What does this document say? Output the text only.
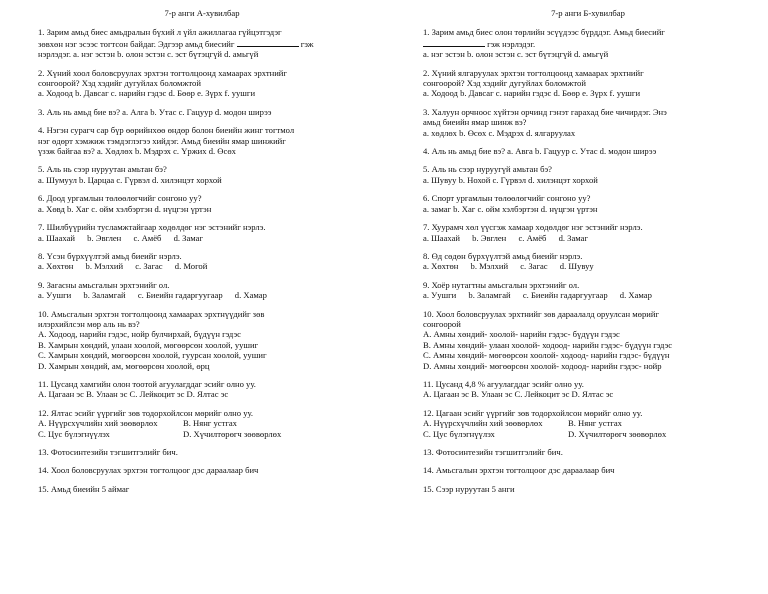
7-р анги А-хувилбар
1. Зарим амьд биес амьдралын бүхий л үйл ажиллагаа гүйцэтгэдэг
зөвхөн нэг эсээс тогтсон байдаг. Эдгээр амьд биесийг	гэж
нэрлэдэг. а. нэг эстэн b. олон эстэн c. эст бүтэцгүй d. амьгүй
2. Хүний хоол боловсруулах эрхтэн тогтолцоонд хамаарах эрхтнийг
сонгоорой? Хэд хэдийг дугуйлах боломжтой
а. Ходоод b. Давсаг c. нарийн гэдэс d. Бөөр e. Зүрх f. уушги
3. Аль нь амьд бие вэ? a. Алга b. Утас c. Гацуур d. модон ширээ
4. Нэгэн сурагч сар бүр өөрийнхөө өндөр болон биеийн жинг тогтмол
нэг өдөрт хэмжиж тэмдэглэгээ хийдэг. Амьд биеийн ямар шинжийг
үзэж байгаа вэ? а. Хөдлөх b. Мэдрэх c. Үржих d. Өсөх
5. Аль нь сээр нуруутан амьтан бэ?
а. Шумуул b. Царцаа c. Гүрвэл d. хилэнцэт хорхой
6. Доод ургамлын төлөөлөгчийг сонгоно уу?
а. Хөвд b. Хаг c. ойм хэлбэртэн d. нүцгэн үртэн
7. Шилбүүрийн тусламжтайгаар хөдөлдөг нэг эстэнийг нэрлэ.
а. Шаахай b. Эвглен c. Амёб d. Замаг
8. Үсэн бүрхүүлтэй амьд биеийг нэрлэ.
а. Хөхтөн b. Мэлхий c. Загас d. Могой
9. Загасны амьсгалын эрхтэнийг ол.
а. Уушги b. Заламгай c. Биеийн гадаргуугаар d. Хамар
10. Амьсгалын эрхтэн тогтолцоонд хамаарах эрхтнүүдийг зөв
илэрхийлсэн мөр аль нь вэ?
А. Ходоод, нарийн гэдэс, нойр булчирхай, бүдүүн гэдэс
В. Хамрын хөндий, улаан хоолой, мөгөөрсөн хоолой, уушиг
С. Хамрын хөндий, мөгөөрсөн хоолой, гуурсан хоолой, уушиг
D. Хамрын хөндий, ам, мөгөөрсөн хоолой, өрц
11. Цусанд хамгийн олон тоотой агуулагддаг эсийг олно уу.
А. Цагаан эс В. Улаан эс С. Лейкоцит эс D. Ялтас эс
12. Ялтас эсийг үүргийг зөв тодорхойлсон мөрийг олно уу.
А. Нүүрсхүчлийн хий зөөвөрлөх	В. Нянг устгах
С. Цус бүлэгнүүлэх	D. Хүчилтөрөгч зөөвөрлөх
13. Фотосинтезийн тэгшитгэлийг бич.
14. Хоол боловсруулах эрхтэн тогтолцоог дэс дараалаар бич
15. Амьд биеийн 5 аймаг
7-р анги Б-хувилбар
1. Зарим амьд биес олон төрлийн эсүүдээс бүрддэг. Амьд биесийг
гэж нэрлэдэг.
а. нэг эстэн b. олон эстэн c. эст бүтэцгүй d. амьгүй
2. Хүний ялгаруулах эрхтэн тогтолцоонд хамаарах эрхтнийг
сонгоорой? Хэд хэдийг дугуйлах боломжтой
а. Ходоод b. Давсаг c. нарийн гэдэс d. Бөөр e. Зүрх f. уушги
3. Халуун орчноос хүйтэн орчинд гэнэт гарахад бие чичирдэг. Энэ
амьд биеийн ямар шинж вэ?
а. хөдлөх b. Өсөх c. Мэдрэх d. ялгаруулах
4. Аль нь амьд бие вэ? a. Авга b. Гацуур c. Утас d. модон ширээ
5. Аль нь сээр нуруугүй амьтан бэ?
а. Шувуу b. Нохой c. Гүрвэл d. хилэнцэт хорхой
6. Спорт ургамлын төлөөлөгчийг сонгоно уу?
а. замаг b. Хаг c. ойм хэлбэртэн d. нүцгэн үртэн
7. Хуурамч хөл үүсгэж хамаар хөдөлдөг нэг эстэнийг нэрлэ.
а. Шаахай b. Эвглен c. Амёб d. Замаг
8. Өд сөдөн бүрхүүлтэй амьд биеийг нэрлэ.
а. Хөхтөн b. Мэлхий c. Загас d. Шувуу
9. Хоёр нутагтны амьсгалын эрхтэнийг ол.
а. Уушги b. Заламгай c. Биеийн гадаргуугаар d. Хамар
10. Хоол боловсруулах эрхтнийг зөв дараалалд оруулсан мөрийг
сонгоорой
А. Амны хөндий- хоолой- нарийн гэдэс- бүдүүн гэдэс
В. Амны хөндий- улаан хоолой- ходоод- нарийн гэдэс- бүдүүн гэдэс
С. Амны хөндий- мөгөөрсөн хоолой- ходоод- нарийн гэдэс- бүдүүн
D. Амны хөндий- мөгөөрсөн хоолой- ходоод- нарийн гэдэс- нойр
11. Цусанд 4,8 % агуулагддаг эсийг олно уу.
А. Цагаан эс В. Улаан эс С. Лейкоцит эс D. Ялтас эс
12. Цагаан эсийг үүргийг зөв тодорхойлсон мөрийг олно уу.
А. Нүүрсхүчлийн хий зөөвөрлөх	В. Нянг устгах
С. Цус бүлэгнүүлэх	D. Хүчилтөрөгч зөөвөрлөх
13. Фотосинтезийн тэгшитгэлийг бич.
14. Амьсгалын эрхтэн тогтолцоог дэс дараалаар бич
15. Сээр нуруутан 5 анги
